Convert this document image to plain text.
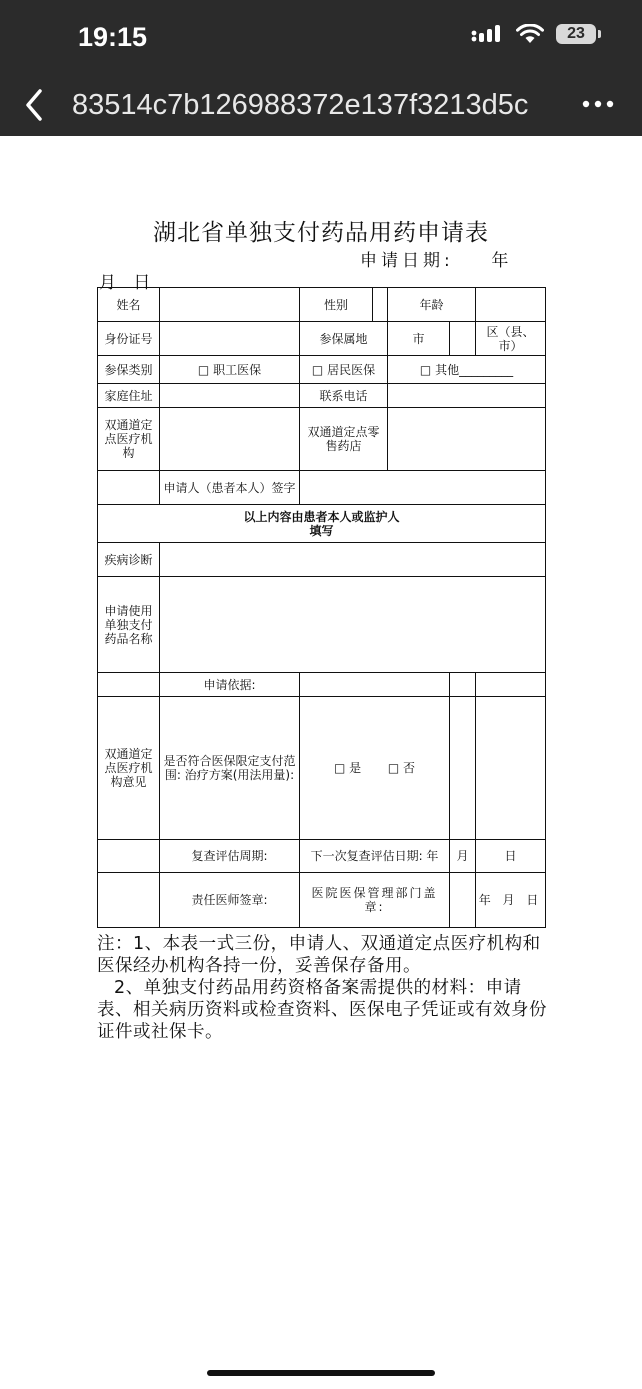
19:15	23
83514c7b126988372e137f3213d5c
湖北省单独支付药品用药申请表
申请日期:    年
月 日
姓名		性别		年龄		
身份证号		参保属地		市		区（县、市）
参保类别	□ 职工医保	□ 居民医保		□ 其他_________		
家庭住址		联系电话				
双通道定点医疗机构		双通道定点零售药店				
	申请人（患者本人）签字					
以上内容由患者本人或监护人填写						
疾病诊断						
申请使用单独支付药品名称						
	申请依据:					
双通道定点医疗机构意见	是否符合医保限定支付范围: 治疗方案(用法用量):	□ 是 □ 否				
	复查评估周期:	下一次复查评估日期: 年			月	日
	责任医师签章:	医院医保管理部门盖章:				年 月 日

注：1、本表一式三份，申请人、双通道定点医疗机构和医保经办机构各持一份，妥善保存备用。

2、单独支付药品用药资格备案需提供的材料：申请表、相关病历资料或检查资料、医保电子凭证或有效身份证件或社保卡。
